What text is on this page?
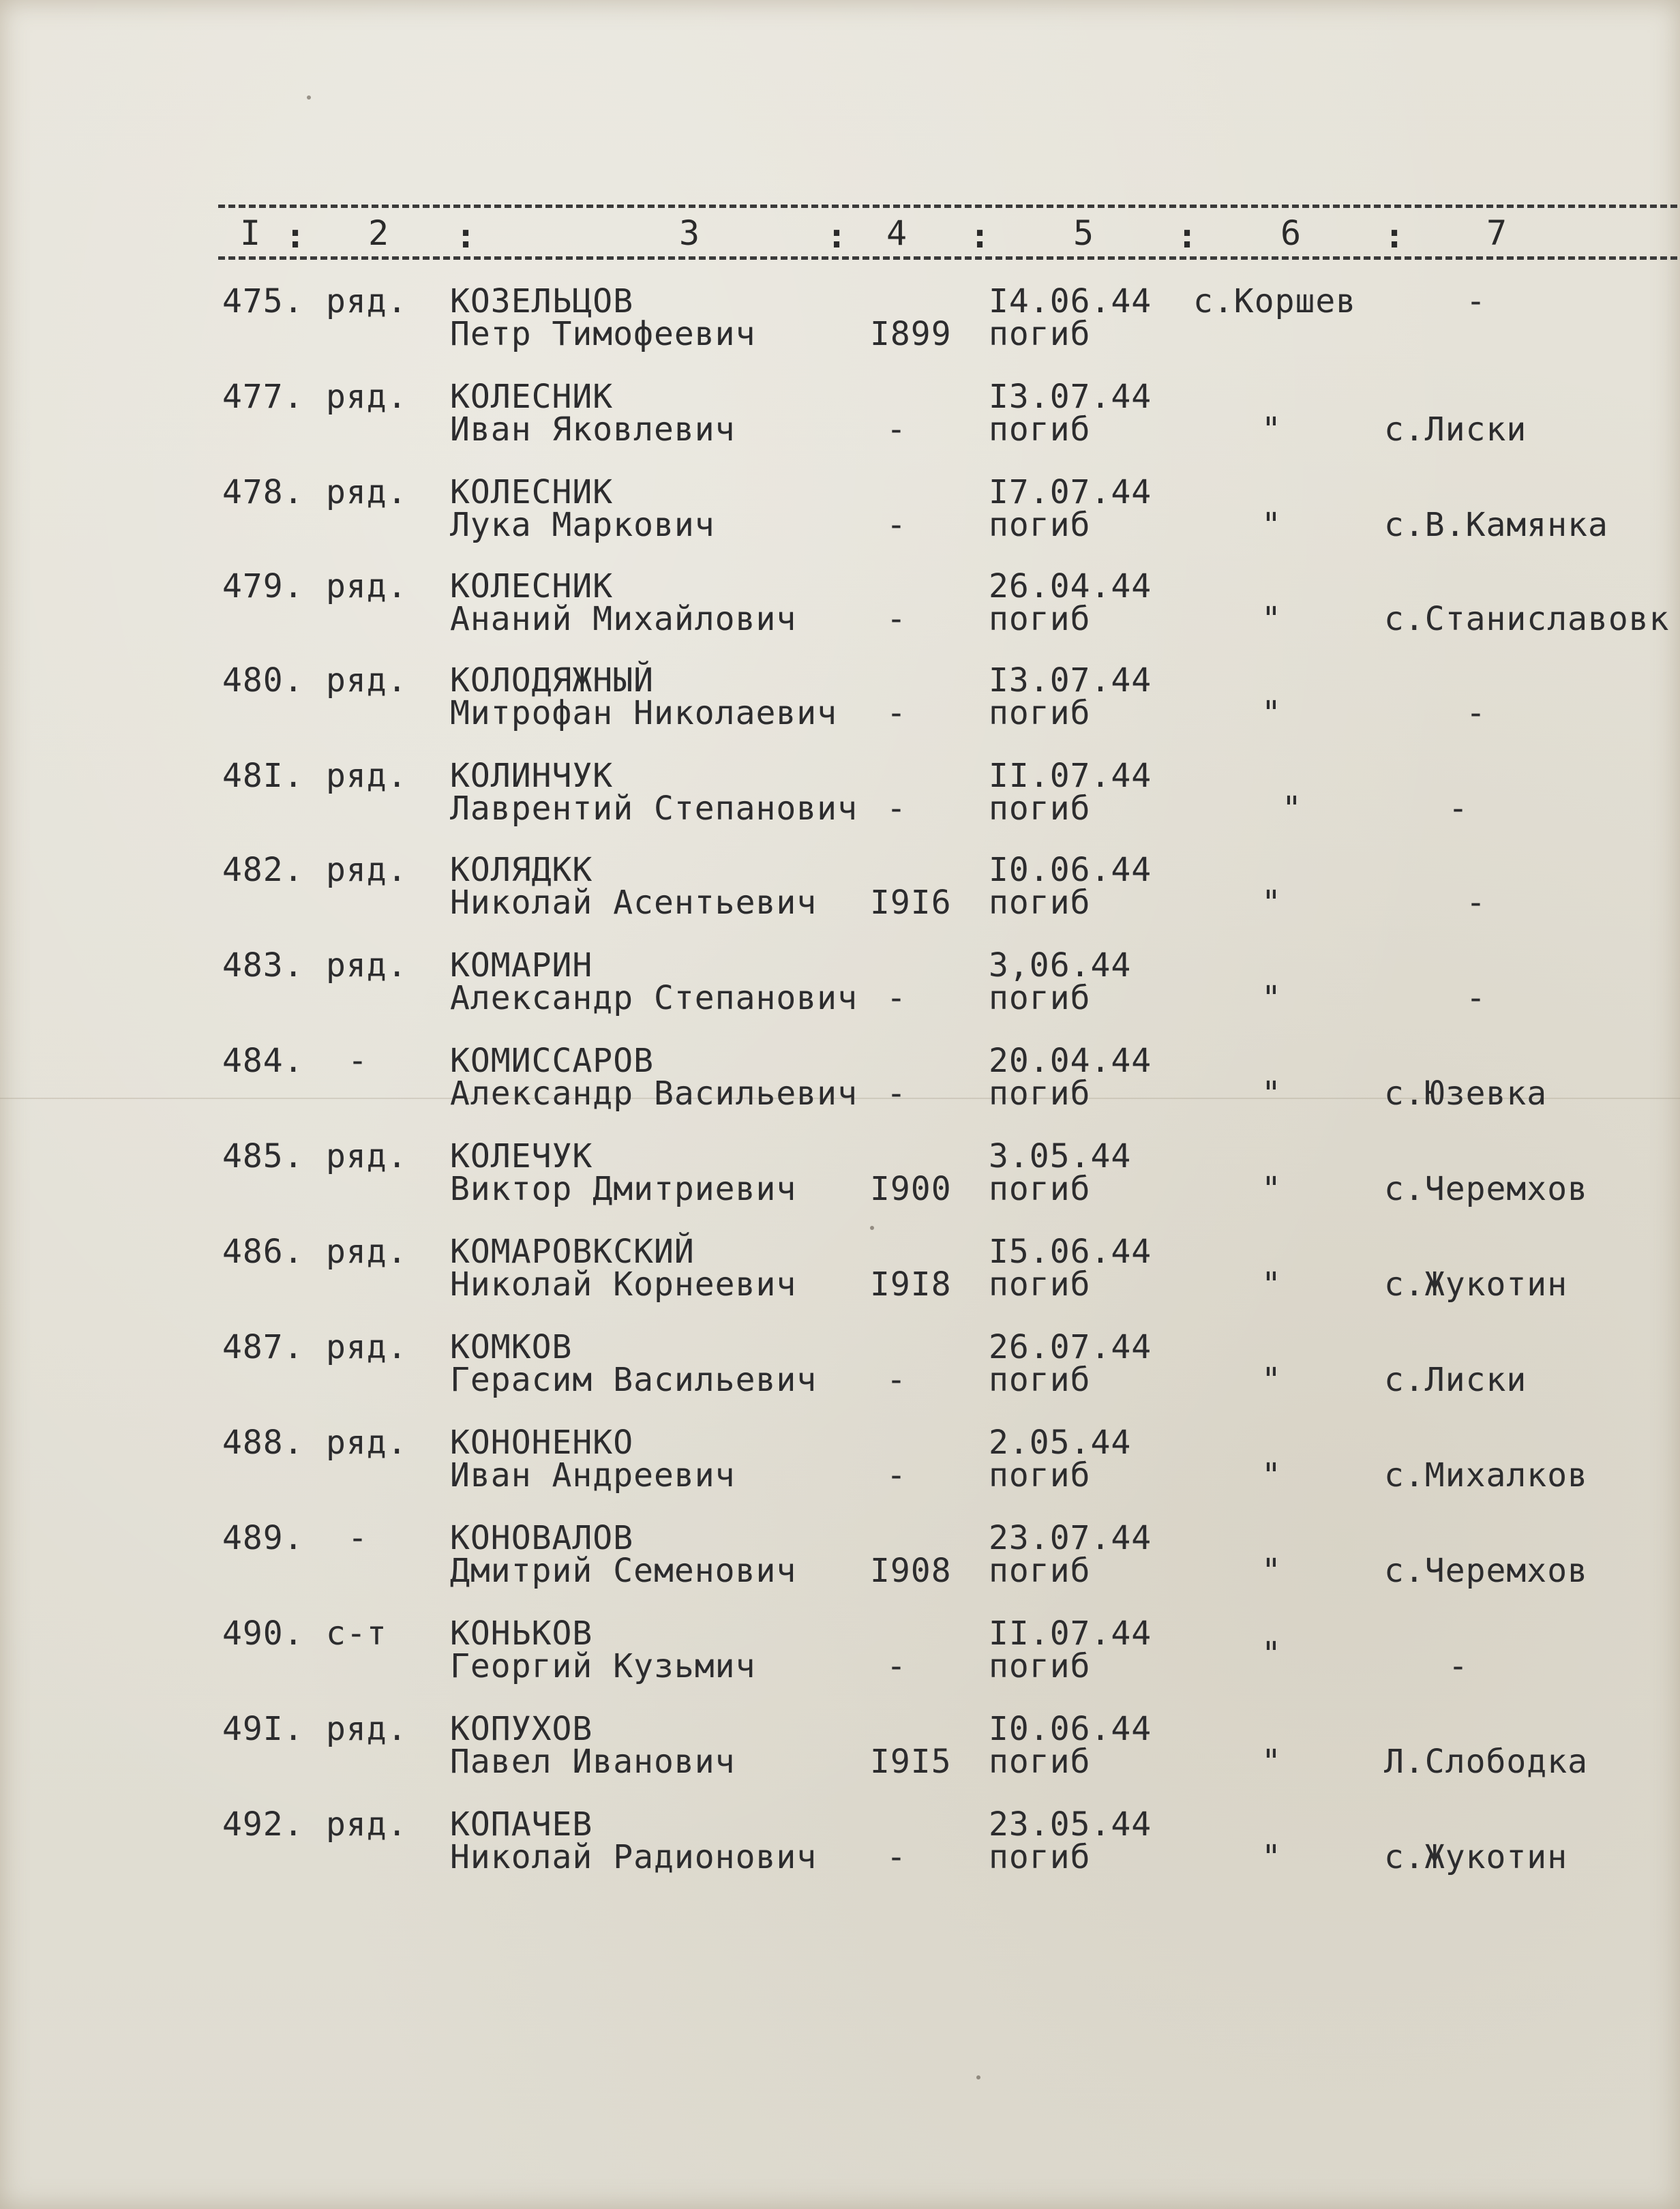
I : 2 :	3	: 4 : 5 : 6 : 7
475. ряд. КОЗЕЛЬЦОВ
Петр Тимофеевич	I899
I4.06.44
погиб
с.Коршев	-
477. ряд. КОЛЕСНИК
Иван Яковлевич	-
I3.07.44
погиб	"	с.Лиски
478. ряд. КОЛЕСНИК
Лука Маркович	-
I7.07.44
погиб	"	с.В.Камянка
479. ряд. КОЛЕСНИК
Ананий Михайлович	-
26.04.44
погиб	"	с.Станиславовк
480. ряд. КОЛОДЯЖНЫЙ
Митрофан Николаевич -
I3.07.44
погиб	"	-
48I. ряд. КОЛИНЧУК
Лаврентий Степанович -
II.07.44
погиб	"	-
482. ряд. КОЛЯДКК
Николай Асентьевич I9I6
I0.06.44
погиб	"	-
483. ряд. КОМАРИН
Александр Степанович -
3,06.44
погиб	"	-
484. -	КОМИССАРОВ
Александр Васильевич -
20.04.44
погиб	"	с.Юзевка
485. ряд. КОЛЕЧУК
Виктор Дмитриевич I900
3.05.44
погиб	"	с.Черемхов
486. ряд. КОМАРОВКСКИЙ
Николай Корнеевич I9I8
I5.06.44
погиб	"	с.Жукотин
487. ряд. КОМКОВ
Герасим Васильевич -
26.07.44
погиб	"	с.Лиски
488. ряд. КОНОНЕНКО
Иван Андреевич	-
2.05.44
погиб	"	с.Михалков
489. -	КОНОВАЛОВ
Дмитрий Семенович I908
23.07.44
погиб	"	с.Черемхов
490. с-т КОНЬКОВ
Георгий Кузьмич	-
II.07.44
погиб	"	-
49I. ряд. КОПУХОВ
Павел Иванович	I9I5
I0.06.44
погиб	"	Л.Слободка
492. ряд. КОПАЧЕВ
Николай Радионович -
23.05.44
погиб	"	с.Жукотин
